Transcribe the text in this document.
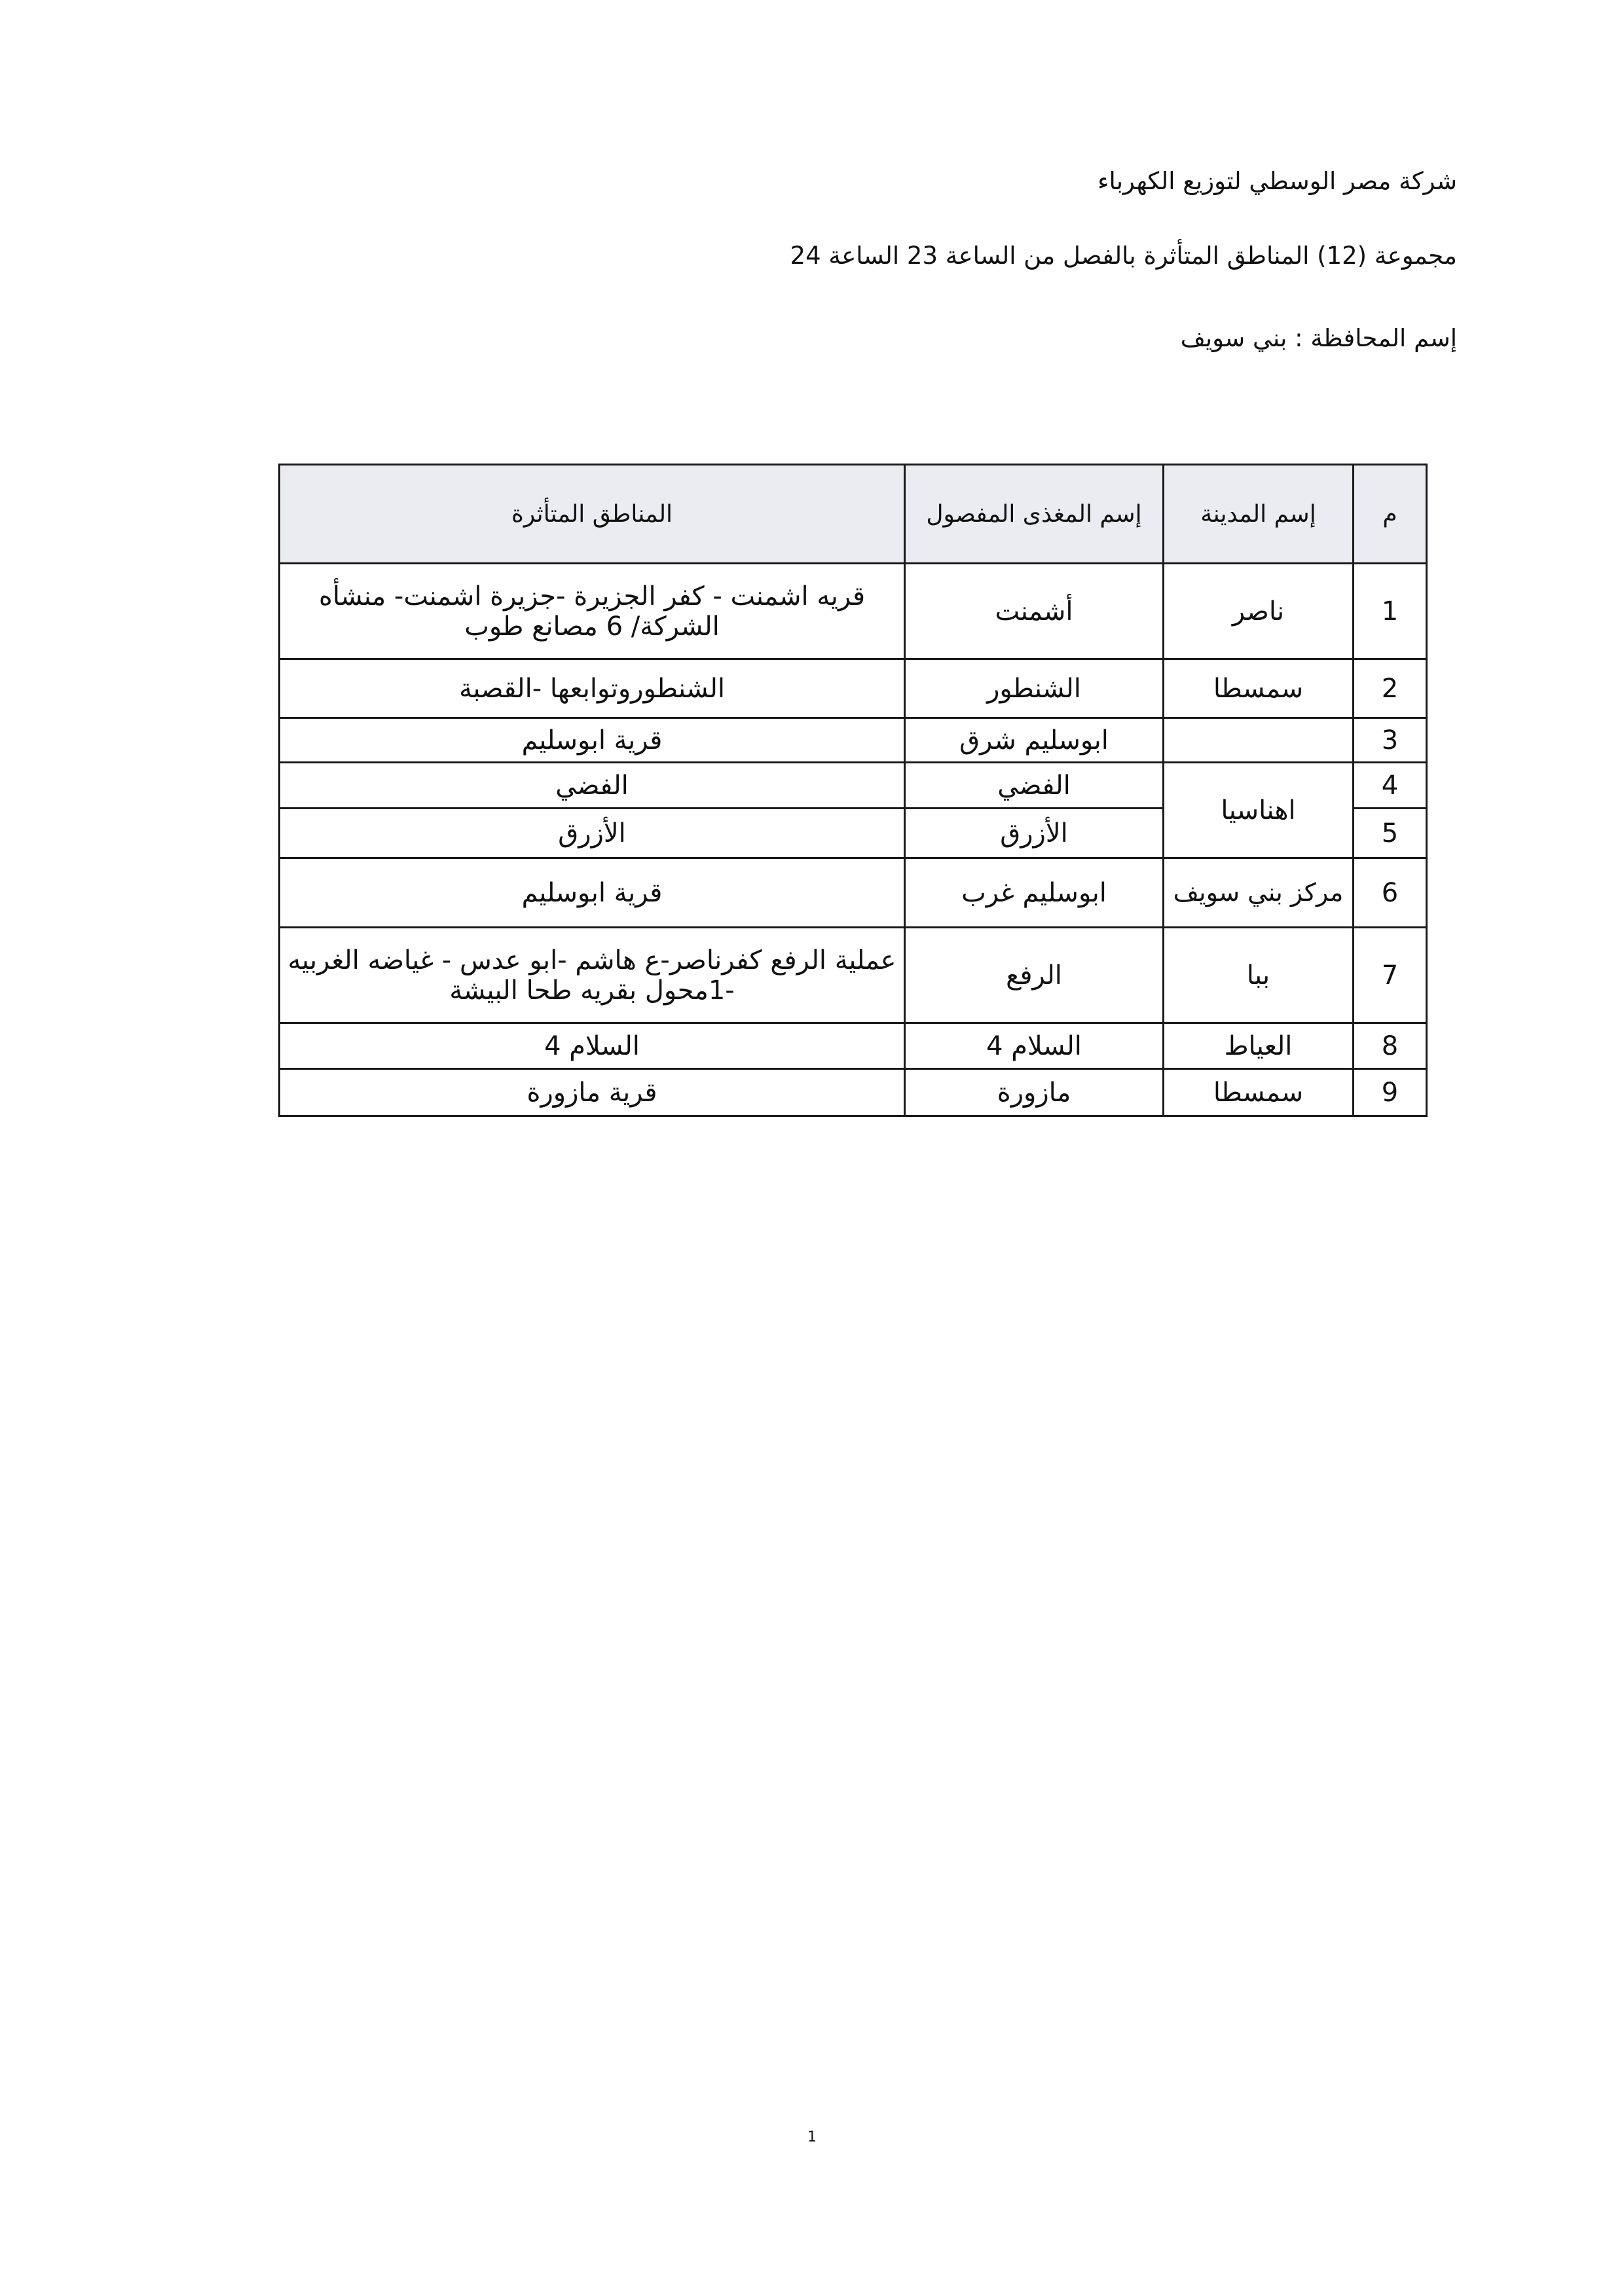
شركة مصر الوسطي لتوزيع الكهرباء
مجموعة (12) المناطق المتأثرة بالفصل من الساعة 23 الساعة 24
إسم المحافظة : بني سويف
م	إسم المدينة	إسم المغذى المفصول	المناطق المتأثرة
1	ناصر	أشمنت	قريه اشمنت - كفر الجزيرة -جزيرة اشمنت- منشأه الشركة/ 6 مصانع طوب
2	سمسطا	الشنطور	الشنطوروتوابعها -القصبة
3		ابوسليم شرق	قرية ابوسليم
4	اهناسيا	الفضي	الفضي
5		الأزرق	الأزرق
6	مركز بني سويف	ابوسليم غرب	قرية ابوسليم
7	ببا	الرفع	عملية الرفع كفرناصر-ع هاشم -ابو عدس - غياضه الغربيه -1محول بقريه طحا البيشة
8	العياط	السلام 4	السلام 4
9	سمسطا	مازورة	قرية مازورة
1
